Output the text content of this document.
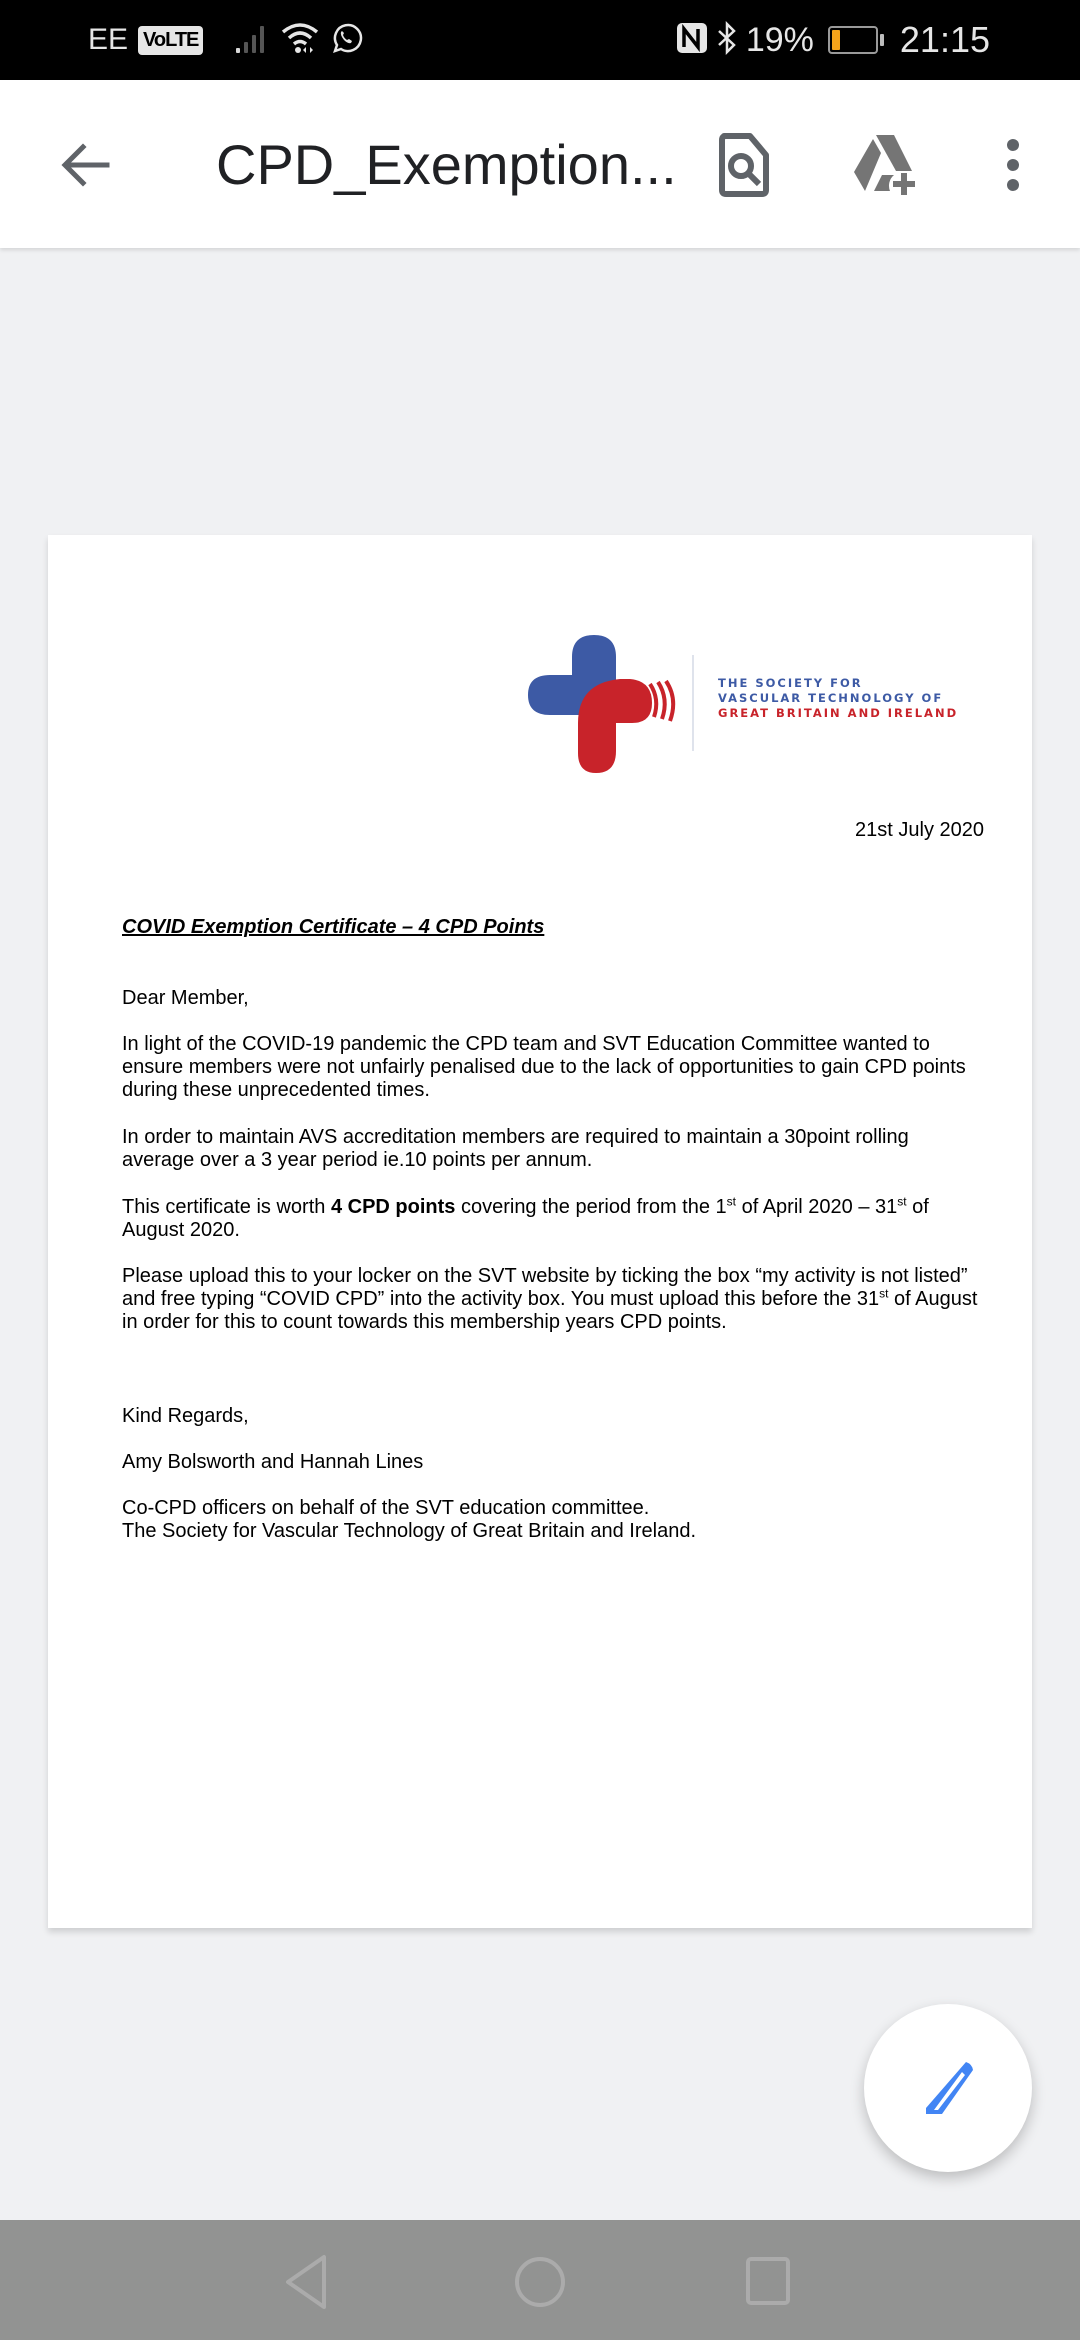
EE VoLTE	19% 21:15
CPD_Exemption...
THE SOCIETY FOR
VASCULAR TECHNOLOGY OF
GREAT BRITAIN AND IRELAND
21st July 2020
COVID Exemption Certificate – 4 CPD Points

Dear Member,

In light of the COVID-19 pandemic the CPD team and SVT Education Committee wanted to ensure members were not unfairly penalised due to the lack of opportunities to gain CPD points during these unprecedented times.

In order to maintain AVS accreditation members are required to maintain a 30point rolling average over a 3 year period ie.10 points per annum.

This certificate is worth 4 CPD points covering the period from the 1st of April 2020 – 31st of August 2020.

Please upload this to your locker on the SVT website by ticking the box “my activity is not listed” and free typing “COVID CPD” into the activity box. You must upload this before the 31st of August in order for this to count towards this membership years CPD points.

Kind Regards,

Amy Bolsworth and Hannah Lines

Co-CPD officers on behalf of the SVT education committee.

The Society for Vascular Technology of Great Britain and Ireland.
